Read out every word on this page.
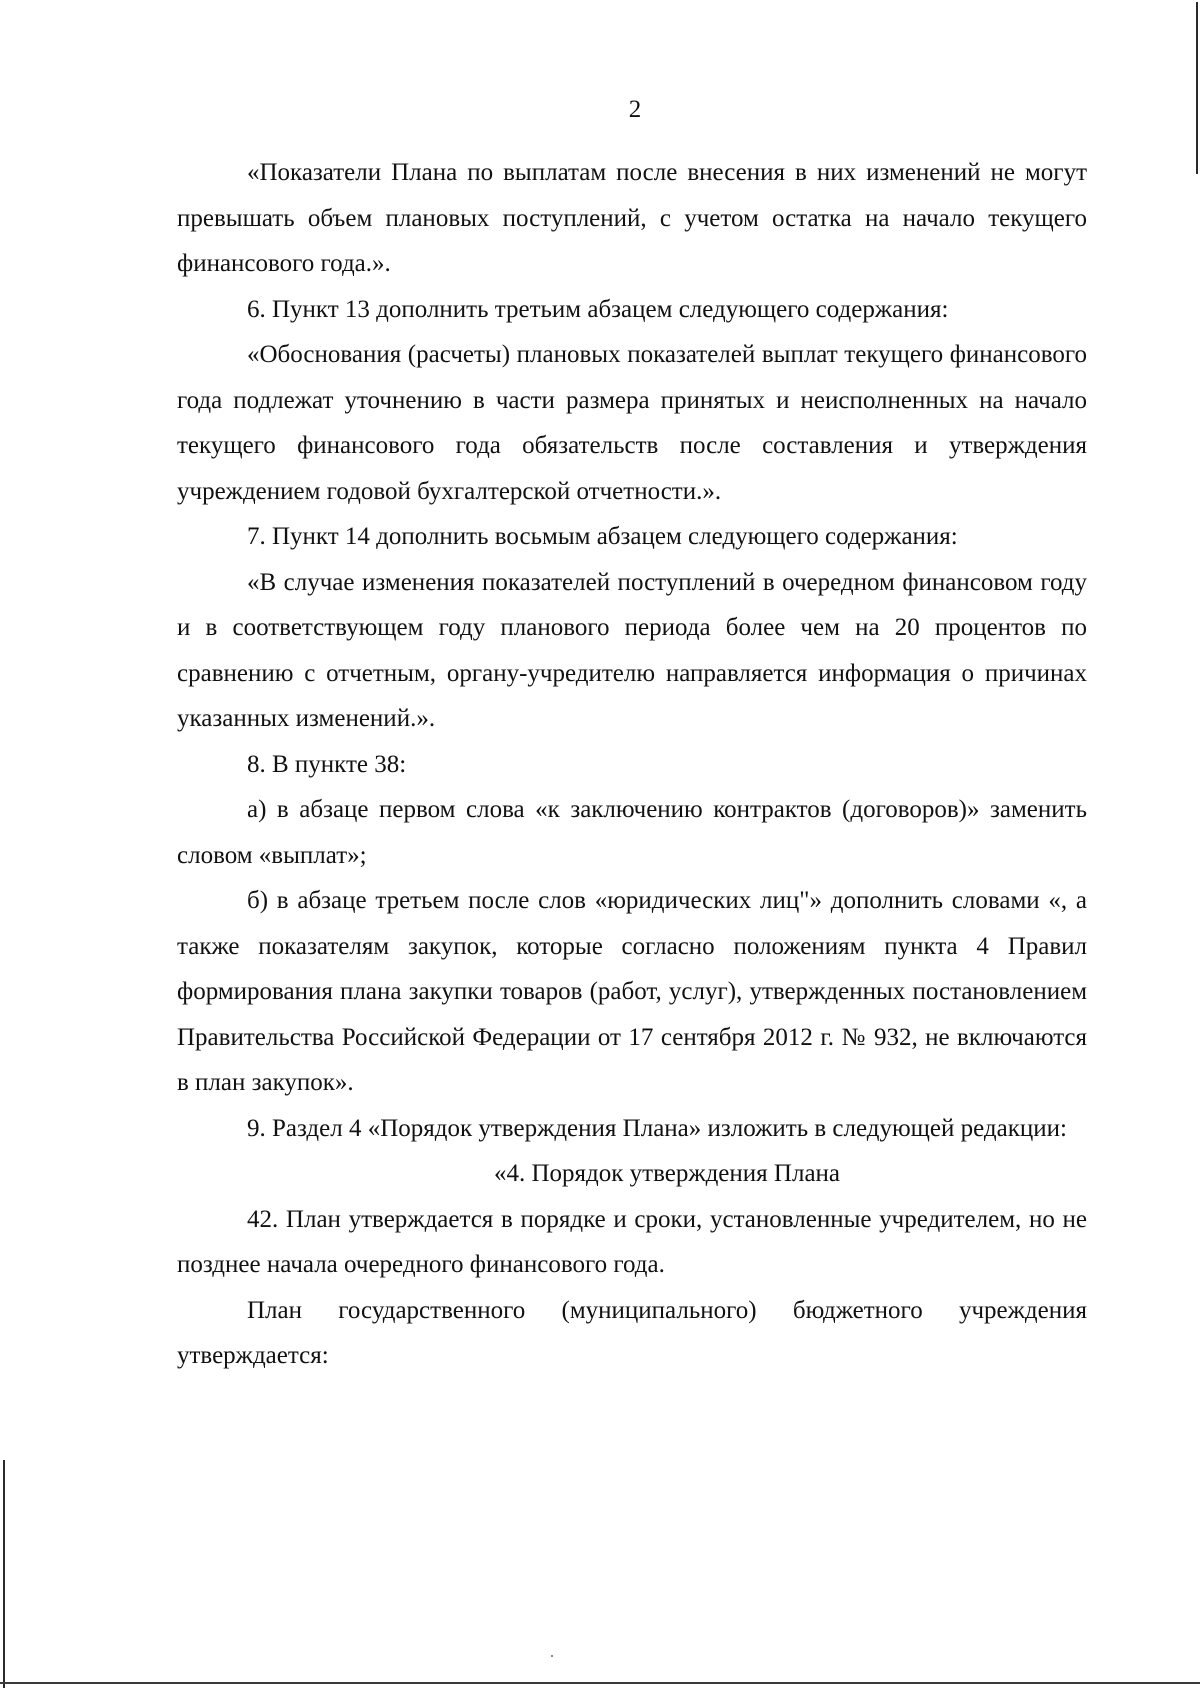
2

«Показатели Плана по выплатам после внесения в них изменений не могут превышать объем плановых поступлений, с учетом остатка на начало текущего финансового года.».

6. Пункт 13 дополнить третьим абзацем следующего содержания:

«Обоснования (расчеты) плановых показателей выплат текущего финансового года подлежат уточнению в части размера принятых и неисполненных на начало текущего финансового года обязательств после составления и утверждения учреждением годовой бухгалтерской отчетности.».

7. Пункт 14 дополнить восьмым абзацем следующего содержания:

«В случае изменения показателей поступлений в очередном финансовом году и в соответствующем году планового периода более чем на 20 процентов по сравнению с отчетным, органу-учредителю направляется информация о причинах указанных изменений.».

8. В пункте 38:

а) в абзаце первом слова «к заключению контрактов (договоров)» заменить словом «выплат»;

б) в абзаце третьем после слов «юридических лиц"» дополнить словами «, а также показателям закупок, которые согласно положениям пункта 4 Правил формирования плана закупки товаров (работ, услуг), утвержденных постановлением Правительства Российской Федерации от 17 сентября 2012 г. № 932, не включаются в план закупок».

9. Раздел 4 «Порядок утверждения Плана» изложить в следующей редакции:

«4. Порядок утверждения Плана

42. План утверждается в порядке и сроки, установленные учредителем, но не позднее начала очередного финансового года.

План государственного (муниципального) бюджетного учреждения утверждается:
